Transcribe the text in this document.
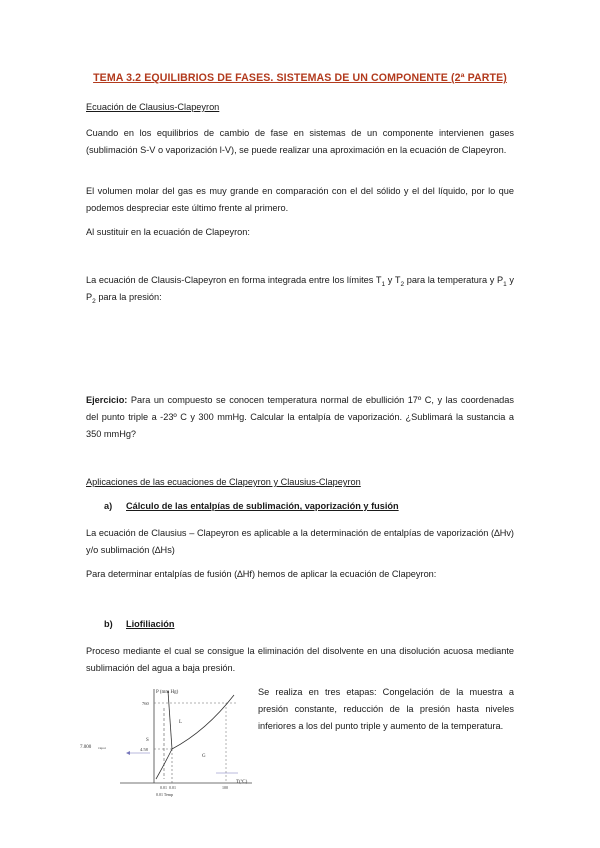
TEMA 3.2 EQUILIBRIOS DE FASES. SISTEMAS DE UN COMPONENTE (2ª PARTE)
Ecuación de Clausius-Clapeyron

Cuando en los equilibrios de cambio de fase en sistemas de un componente intervienen gases (sublimación S-V o vaporización l-V), se puede realizar una aproximación en la ecuación de Clapeyron.

El volumen molar del gas es muy grande en comparación con el del sólido y el del líquido, por lo que podemos despreciar este último frente al primero.

Al sustituir en la ecuación de Clapeyron:

La ecuación de Clausis-Clapeyron en forma integrada entre los límites $T_1$ y $T_2$ para la temperatura y $P_1$ y $P_2$ para la presión:

Ejercicio: Para un compuesto se conocen temperatura normal de ebullición 17º C, y las coordenadas del punto triple a -23º C y 300 mmHg. Calcular la entalpía de vaporización. ¿Sublimará la sustancia a 350 mmHg?

Aplicaciones de las ecuaciones de Clapeyron y Clausius-Clapeyron
a) Cálculo de las entalpías de sublimación, vaporización y fusión

La ecuación de Clausius – Clapeyron es aplicable a la determinación de entalpías de vaporización (∆Hv) y/o sublimación (∆Hs)

Para determinar entalpías de fusión (∆Hf) hemos de aplicar la ecuación de Clapeyron:

b) Liofiliación

Proceso mediante el cual se consigue la eliminación del disolvente en una disolución acuosa mediante sublimación del agua a baja presión.

Se realiza en tres etapas: Congelación de la muestra a presión constante, reducción de la presión hasta niveles inferiores a los del punto triple y aumento de la temperatura.

P (mm Hg)
T(ºC)
760
4.58
0.01 0.01	100
0.01 Temp
S
L
G
7.000 vapor
